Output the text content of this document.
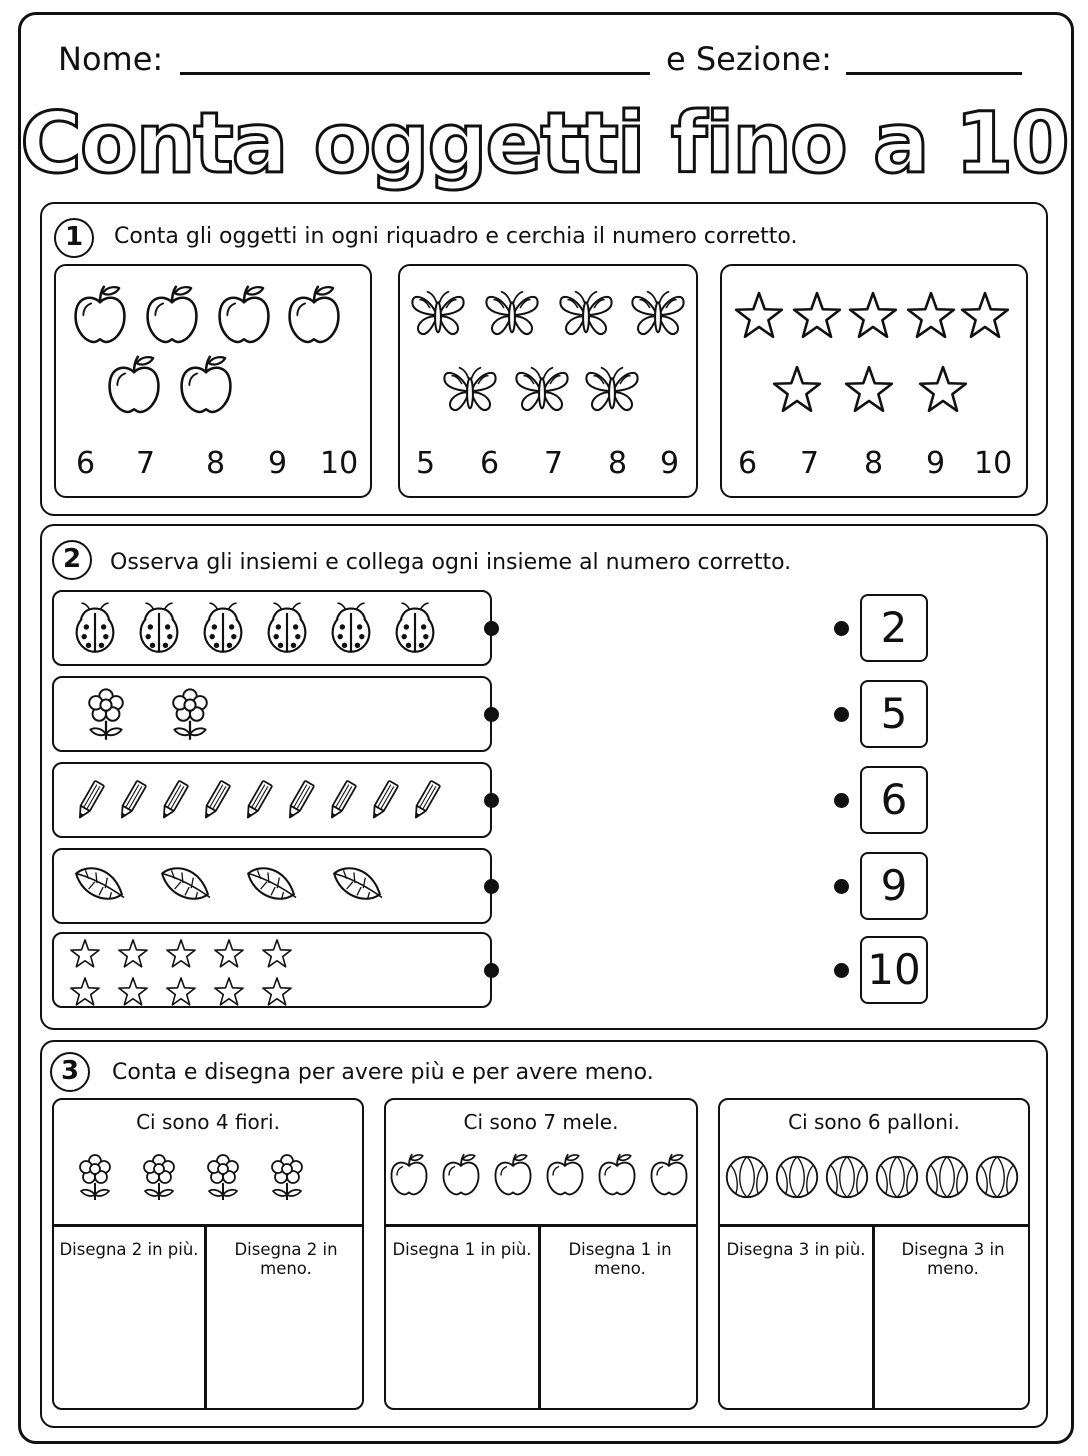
Nome:	e Sezione:
Conta oggetti fino a 10
1	Conta gli oggetti in ogni riquadro e cerchia il numero corretto.
6 7 8 9 10 5 6 7 8 9 6 7 8 9 10
2	Osserva gli insiemi e collega ogni insieme al numero corretto.
2
5
6
9
10
3	Conta e disegna per avere più e per avere meno.
Ci sono 4 fiori.
Disegna 2 in più.	Disegna 2 in meno.
Ci sono 7 mele.
Disegna 1 in più.	Disegna 1 in meno.
Ci sono 6 palloni.
Disegna 3 in più.	Disegna 3 in meno.
